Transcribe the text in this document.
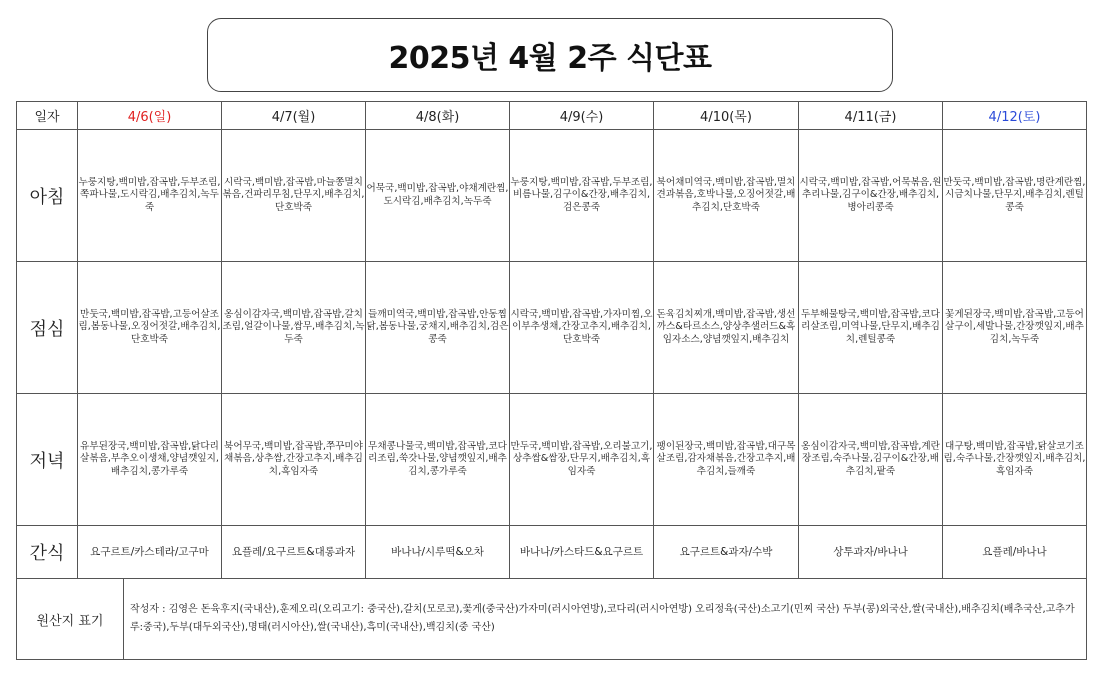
2025년 4월 2주 식단표
일자	4/6(일)	4/7(월)	4/8(화)	4/9(수)	4/10(목)	4/11(금)	4/12(토)
아침	누룽지탕,백미밥,잡곡밥,두부조림,쪽파나물,도시락김,배추김치,녹두죽	시락국,백미밥,잡곡밥,마늘쫑멸치볶음,건파리무침,단무지,배추김치,단호박죽	어묵국,백미밥,잡곡밥,야채계란찜,도시락김,배추김치,녹두죽	누룽지탕,백미밥,잡곡밥,두부조림,비름나물,김구이&간장,배추김치,검은콩죽	북어채미역국,백미밥,잡곡밥,멸치견과볶음,호박나물,오징어젓갈,배추김치,단호박죽	시락국,백미밥,잡곡밥,어묵볶음,원추리나물,김구이&간장,배추김치,병아리콩죽	만둣국,백미밥,잡곡밥,명란계란찜,시금치나물,단무지,배추김치,렌틸콩죽
점심	만둣국,백미밥,잡곡밥,고등어살조림,봄동나물,오징어젓갈,배추김치,단호박죽	옹심이감자국,백미밥,잡곡밥,갈치조림,얼갈이나물,쌈무,배추김치,녹두죽	들깨미역국,백미밥,잡곡밥,안동찜닭,봄동나물,궁채지,배추김치,검은콩죽	시락국,백미밥,잡곡밥,가자미찜,오이부추생채,간장고추지,배추김치,단호박죽	돈육김치찌개,백미밥,잡곡밥,생선까스&타르소스,양상추샐러드&흑임자소스,양념깻잎지,배추김치	두부해물탕국,백미밥,잡곡밥,코다리살조림,미역나물,단무지,배추김치,렌틸콩죽	꽃게된장국,백미밥,잡곡밥,고등어살구이,세발나물,간장깻잎지,배추김치,녹두죽
저녁	유부된장국,백미밥,잡곡밥,닭다리살볶음,부추오이생채,양념깻잎지,배추김치,콩가루죽	북어무국,백미밥,잡곡밥,쭈꾸미야채볶음,상추쌈,간장고추지,배추김치,흑임자죽	무채콩나물국,백미밥,잡곡밥,코다리조림,쑥갓나물,양념깻잎지,배추김치,콩가루죽	만두국,백미밥,잡곡밥,오리불고기,상추쌈&쌈장,단무지,배추김치,흑임자죽	팽이된장국,백미밥,잡곡밥,대구목살조림,감자채볶음,간장고추지,배추김치,들깨죽	옹심이감자국,백미밥,잡곡밥,계란장조림,숙주나물,김구이&간장,배추김치,팥죽	대구탕,백미밥,잡곡밥,닭살코기조림,숙주나물,간장깻잎지,배추김치,흑임자죽
간식	요구르트/카스테라/고구마	요플레/요구르트&대롱과자	바나나/시루떡&오차	바나나/카스타드&요구르트	요구르트&과자/수박	상투과자/바나나	요플레/바나나

원산지 표기
작성자 : 김영은 돈육후지(국내산),훈제오리(오리고기: 중국산),갈치(모로코),꽃게(중국산)가자미(러시아연방),코다리(러시아연방) 오리정육(국산)소고기(민찌 국산) 두부(콩)외국산,쌀(국내산),배추김치(배추국산,고추가루:중국),두부(대두외국산),명태(러시아산),쌀(국내산),흑미(국내산),백김치(중 국산)							
